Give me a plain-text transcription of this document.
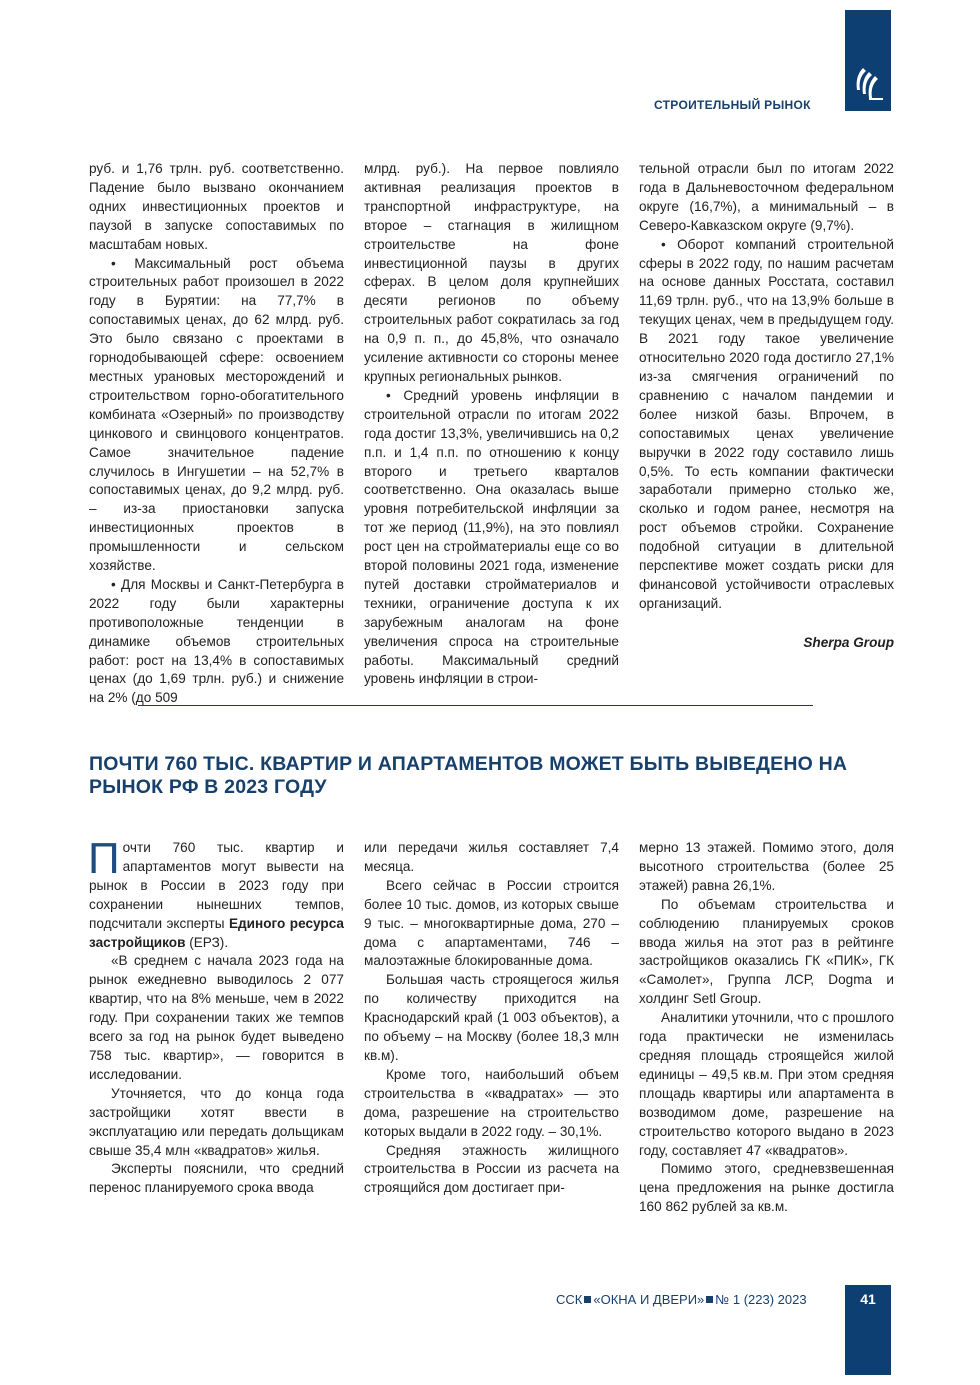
СТРОИТЕЛЬНЫЙ РЫНОК

руб. и 1,76 трлн. руб. соответственно. Падение было вызвано окончанием одних инвестиционных проектов и паузой в запуске сопоставимых по масштабам новых.

• Максимальный рост объема строительных работ произошел в 2022 году в Бурятии: на 77,7% в сопоставимых ценах, до 62 млрд. руб. Это было связано с проектами в горнодобывающей сфере: освоением местных урановых месторождений и строительством горно-обогатительного комбината «Озерный» по производству цинкового и свинцового концентратов. Самое значительное падение случилось в Ингушетии – на 52,7% в сопоставимых ценах, до 9,2 млрд. руб. – из-за приостановки запуска инвестиционных проектов в промышленности и сельском хозяйстве.

• Для Москвы и Санкт-Петербурга в 2022 году были характерны противоположные тенденции в динамике объемов строительных работ: рост на 13,4% в сопоставимых ценах (до 1,69 трлн. руб.) и снижение на 2% (до 509

млрд. руб.). На первое повлияло активная реализация проектов в транспортной инфраструктуре, на второе – стагнация в жилищном строительстве на фоне инвестиционной паузы в других сферах. В целом доля крупнейших десяти регионов по объему строительных работ сократилась за год на 0,9 п. п., до 45,8%, что означало усиление активности со стороны менее крупных региональных рынков.

• Средний уровень инфляции в строительной отрасли по итогам 2022 года достиг 13,3%, увеличившись на 0,2 п.п. и 1,4 п.п. по отношению к концу второго и третьего кварталов соответственно. Она оказалась выше уровня потребительской инфляции за тот же период (11,9%), на это повлиял рост цен на стройматериалы еще со во второй половины 2021 года, изменение путей доставки стройматериалов и техники, ограничение доступа к их зарубежным аналогам на фоне увеличения спроса на строительные работы. Максимальный средний уровень инфляции в строи-

тельной отрасли был по итогам 2022 года в Дальневосточном федеральном округе (16,7%), а минимальный – в Северо-Кавказском округе (9,7%).

• Оборот компаний строительной сферы в 2022 году, по нашим расчетам на основе данных Росстата, составил 11,69 трлн. руб., что на 13,9% больше в текущих ценах, чем в предыдущем году. В 2021 году такое увеличение относительно 2020 года достигло 27,1% из-за смягчения ограничений по сравнению с началом пандемии и более низкой базы. Впрочем, в сопоставимых ценах увеличение выручки в 2022 году составило лишь 0,5%. То есть компании фактически заработали примерно столько же, сколько и годом ранее, несмотря на рост объемов стройки. Сохранение подобной ситуации в длительной перспективе может создать риски для финансовой устойчивости отраслевых организаций.

Sherpa Group

ПОЧТИ 760 ТЫС. КВАРТИР И АПАРТАМЕНТОВ МОЖЕТ БЫТЬ ВЫВЕДЕНО НА РЫНОК РФ В 2023 ГОДУ

Почти 760 тыс. квартир и апартаментов могут вывести на рынок в России в 2023 году при сохранении нынешних темпов, подсчитали эксперты Единого ресурса застройщиков (ЕРЗ).

«В среднем с начала 2023 года на рынок ежедневно выводилось 2 077 квартир, что на 8% меньше, чем в 2022 году. При сохранении таких же темпов всего за год на рынок будет выведено 758 тыс. квартир», — говорится в исследовании.

Уточняется, что до конца года застройщики хотят ввести в эксплуатацию или передать дольщикам свыше 35,4 млн «квадратов» жилья.

Эксперты пояснили, что средний перенос планируемого срока ввода

или передачи жилья составляет 7,4 месяца.

Всего сейчас в России строится более 10 тыс. домов, из которых свыше 9 тыс. – многоквартирные дома, 270 – дома с апартаментами, 746 – малоэтажные блокированные дома.

Большая часть строящегося жилья по количеству приходится на Краснодарский край (1 003 объектов), а по объему – на Москву (более 18,3 млн кв.м).

Кроме того, наибольший объем строительства в «квадратах» — это дома, разрешение на строительство которых выдали в 2022 году. – 30,1%.

Средняя этажность жилищного строительства в России из расчета на строящийся дом достигает при-

мерно 13 этажей. Помимо этого, доля высотного строительства (более 25 этажей) равна 26,1%.

По объемам строительства и соблюдению планируемых сроков ввода жилья на этот раз в рейтинге застройщиков оказались ГК «ПИК», ГК «Самолет», Группа ЛСР, Dogma и холдинг Setl Group.

Аналитики уточнили, что с прошлого года практически не изменилась средняя площадь строящейся жилой единицы – 49,5 кв.м. При этом средняя площадь квартиры или апартамента в возводимом доме, разрешение на строительство которого выдано в 2023 году, составляет 47 «квадратов».

Помимо этого, средневзвешенная цена предложения на рынке достигла 160 862 рублей за кв.м.

ССК «ОКНА И ДВЕРИ» № 1 (223) 2023	41
